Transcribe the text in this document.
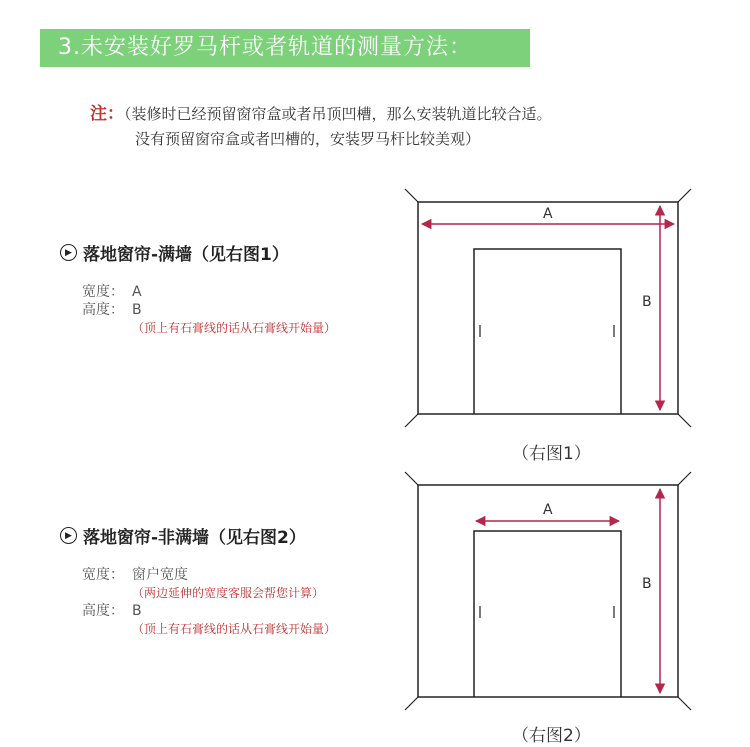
3.未安装好罗马杆或者轨道的测量方法：
注：（装修时已经预留窗帘盒或者吊顶凹槽，那么安装轨道比较合适。
没有预留窗帘盒或者凹槽的，安装罗马杆比较美观）
▶ 落地窗帘-满墙（见右图1）
宽度： A
高度： B
（顶上有石膏线的话从石膏线开始量）
▶ 落地窗帘-非满墙（见右图2）
宽度： 窗户宽度
（两边延伸的宽度客服会帮您计算）
高度： B
（顶上有石膏线的话从石膏线开始量）
A
B
A
B
（右图1）
（右图2）
